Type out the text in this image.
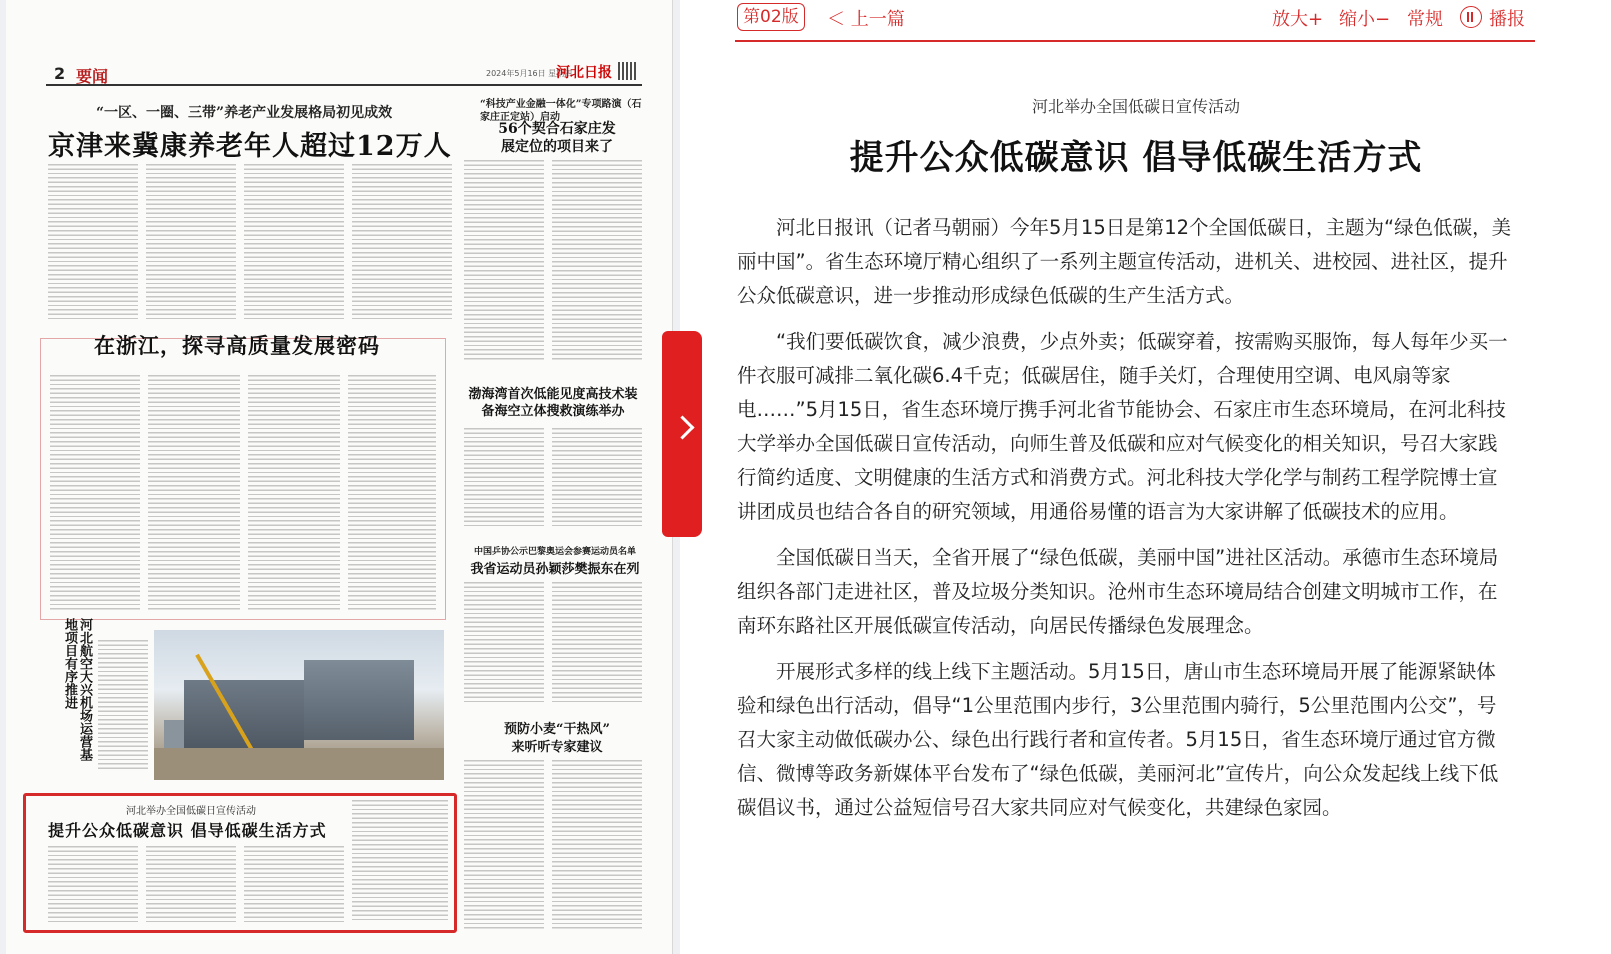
2 要闻	2024年5月16日 星期四
河北日报
“一区、一圈、三带”养老产业发展格局初见成效
京津来冀康养老年人超过12万人
“科技产业金融一体化”专项路演（石家庄正定站）启动
56个契合石家庄发展定位的项目来了
在浙江，探寻高质量发展密码
渤海湾首次低能见度高技术装备海空立体搜救演练举办
中国乒协公示巴黎奥运会参赛运动员名单
我省运动员孙颖莎樊振东在列
河北航空大兴机场运营基地项目有序推进
预防小麦“干热风”
来听听专家建议
河北举办全国低碳日宣传活动
提升公众低碳意识 倡导低碳生活方式
第02版	＜ 上一篇	放大+ 缩小− 常规	播报
河北举办全国低碳日宣传活动
提升公众低碳意识 倡导低碳生活方式

河北日报讯（记者马朝丽）今年5月15日是第12个全国低碳日，主题为“绿色低碳，美丽中国”。省生态环境厅精心组织了一系列主题宣传活动，进机关、进校园、进社区，提升公众低碳意识，进一步推动形成绿色低碳的生产生活方式。

“我们要低碳饮食，减少浪费，少点外卖；低碳穿着，按需购买服饰，每人每年少买一件衣服可减排二氧化碳6.4千克；低碳居住，随手关灯，合理使用空调、电风扇等家电……”5月15日，省生态环境厅携手河北省节能协会、石家庄市生态环境局，在河北科技大学举办全国低碳日宣传活动，向师生普及低碳和应对气候变化的相关知识，号召大家践行简约适度、文明健康的生活方式和消费方式。河北科技大学化学与制药工程学院博士宣讲团成员也结合各自的研究领域，用通俗易懂的语言为大家讲解了低碳技术的应用。

全国低碳日当天，全省开展了“绿色低碳，美丽中国”进社区活动。承德市生态环境局组织各部门走进社区，普及垃圾分类知识。沧州市生态环境局结合创建文明城市工作，在南环东路社区开展低碳宣传活动，向居民传播绿色发展理念。

开展形式多样的线上线下主题活动。5月15日，唐山市生态环境局开展了能源紧缺体验和绿色出行活动，倡导“1公里范围内步行，3公里范围内骑行，5公里范围内公交”，号召大家主动做低碳办公、绿色出行践行者和宣传者。5月15日，省生态环境厅通过官方微信、微博等政务新媒体平台发布了“绿色低碳，美丽河北”宣传片，向公众发起线上线下低碳倡议书，通过公益短信号召大家共同应对气候变化，共建绿色家园。
